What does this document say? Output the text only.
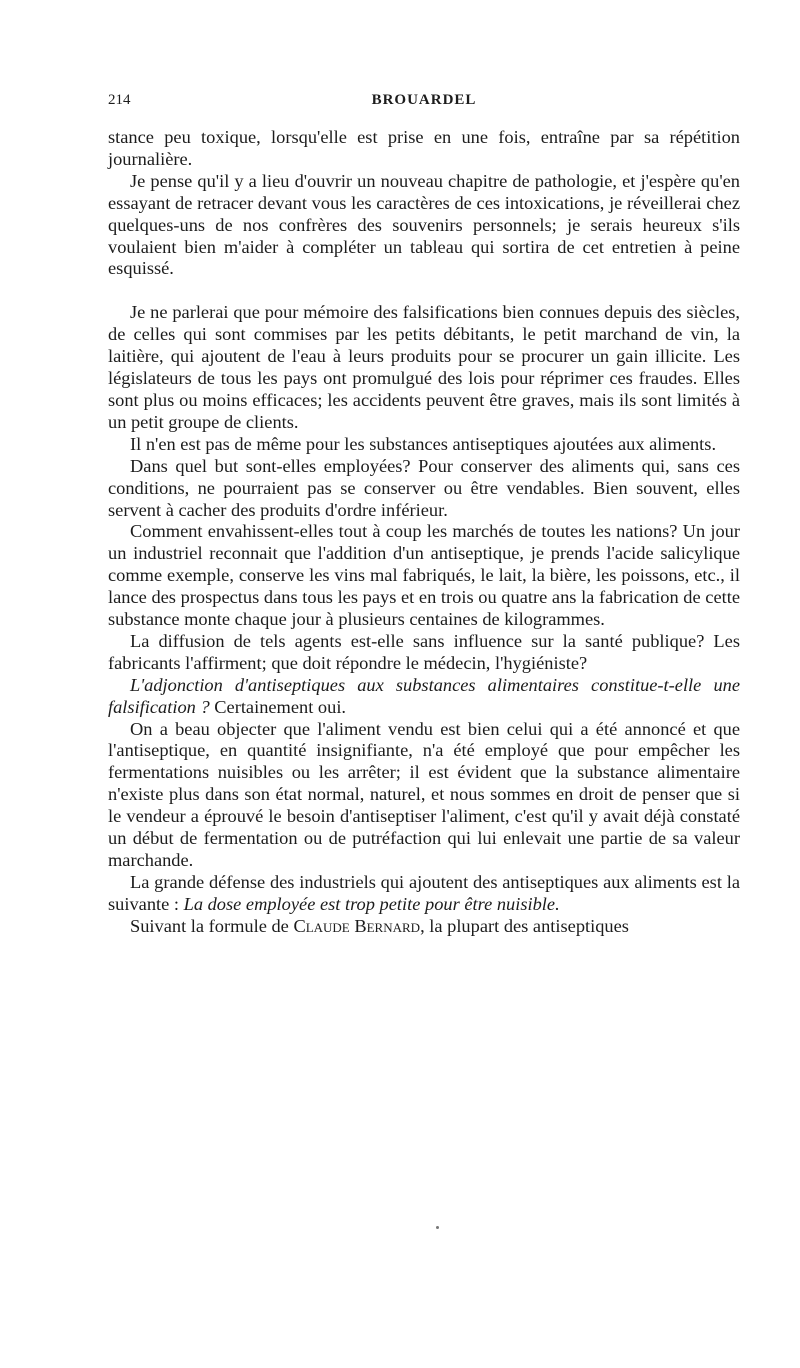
214	BROUARDEL

stance peu toxique, lorsqu'elle est prise en une fois, entraîne par sa répétition journalière.

Je pense qu'il y a lieu d'ouvrir un nouveau chapitre de pathologie, et j'espère qu'en essayant de retracer devant vous les caractères de ces intoxications, je réveillerai chez quelques-uns de nos confrères des souvenirs personnels; je serais heureux s'ils voulaient bien m'aider à compléter un tableau qui sortira de cet entretien à peine esquissé.

Je ne parlerai que pour mémoire des falsifications bien connues depuis des siècles, de celles qui sont commises par les petits débitants, le petit marchand de vin, la laitière, qui ajoutent de l'eau à leurs produits pour se procurer un gain illicite. Les législateurs de tous les pays ont promulgué des lois pour réprimer ces fraudes. Elles sont plus ou moins efficaces; les accidents peuvent être graves, mais ils sont limités à un petit groupe de clients.

Il n'en est pas de même pour les substances antiseptiques ajoutées aux aliments.

Dans quel but sont-elles employées? Pour conserver des aliments qui, sans ces conditions, ne pourraient pas se conserver ou être vendables. Bien souvent, elles servent à cacher des produits d'ordre inférieur.

Comment envahissent-elles tout à coup les marchés de toutes les nations? Un jour un industriel reconnait que l'addition d'un antiseptique, je prends l'acide salicylique comme exemple, conserve les vins mal fabriqués, le lait, la bière, les poissons, etc., il lance des prospectus dans tous les pays et en trois ou quatre ans la fabrication de cette substance monte chaque jour à plusieurs centaines de kilogrammes.

La diffusion de tels agents est-elle sans influence sur la santé publique? Les fabricants l'affirment; que doit répondre le médecin, l'hygiéniste?

L'adjonction d'antiseptiques aux substances alimentaires constitue-t-elle une falsification ? Certainement oui.

On a beau objecter que l'aliment vendu est bien celui qui a été annoncé et que l'antiseptique, en quantité insignifiante, n'a été employé que pour empêcher les fermentations nuisibles ou les arrêter; il est évident que la substance alimentaire n'existe plus dans son état normal, naturel, et nous sommes en droit de penser que si le vendeur a éprouvé le besoin d'antiseptiser l'aliment, c'est qu'il y avait déjà constaté un début de fermentation ou de putréfaction qui lui enlevait une partie de sa valeur marchande.

La grande défense des industriels qui ajoutent des antiseptiques aux aliments est la suivante : La dose employée est trop petite pour être nuisible.

Suivant la formule de Claude Bernard, la plupart des antiseptiques
